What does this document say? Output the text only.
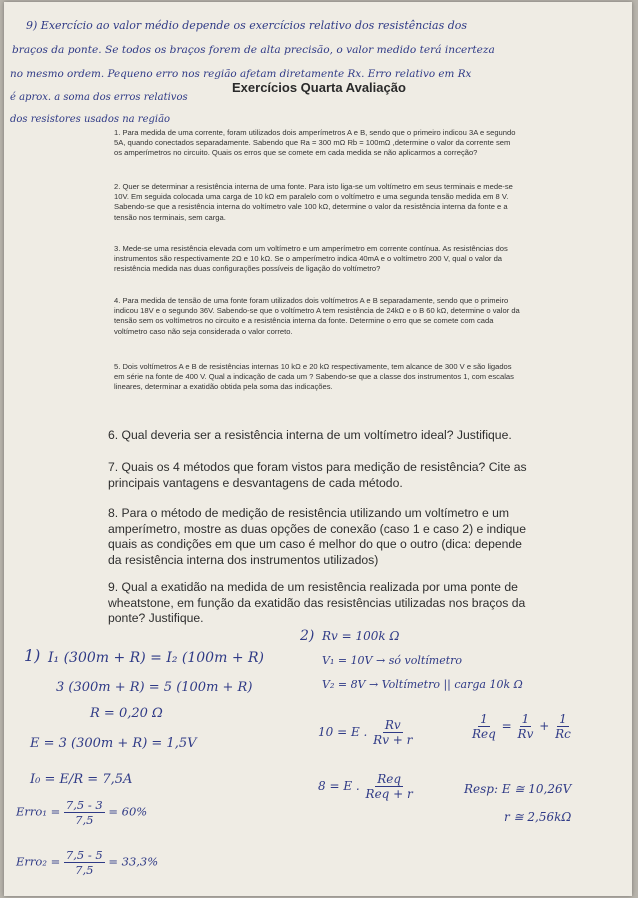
9) Exercício ao valor médio depende os exercícios relativo dos resistências dos
braços da ponte. Se todos os braços forem de alta precisão, o valor medido terá incerteza
no mesmo ordem. Pequeno erro nos região afetam diretamente Rx. Erro relativo em Rx
é aprox. a soma dos erros relativos
dos resistores usados na região
Exercícios Quarta Avaliação
1. Para medida de uma corrente, foram utilizados dois amperímetros A e B, sendo que o primeiro indicou 3A e segundo 5A, quando conectados separadamente. Sabendo que Ra = 300 mΩ Rb = 100mΩ ,determine o valor da corrente sem os amperímetros no circuito. Quais os erros que se comete em cada medida se não aplicarmos a correção?
2. Quer se determinar a resistência interna de uma fonte. Para isto liga-se um voltímetro em seus terminais e mede-se 10V. Em seguida colocada uma carga de 10 kΩ em paralelo com o voltímetro e uma segunda tensão medida em 8 V. Sabendo-se que a resistência interna do voltímetro vale 100 kΩ, determine o valor da resistência interna da fonte e a tensão nos terminais, sem carga.
3. Mede-se uma resistência elevada com um voltímetro e um amperímetro em corrente contínua. As resistências dos instrumentos são respectivamente 2Ω e 10 kΩ. Se o amperímetro indica 40mA e o voltímetro 200 V, qual o valor da resistência medida nas duas configurações possíveis de ligação do voltímetro?
4. Para medida de tensão de uma fonte foram utilizados dois voltímetros A e B separadamente, sendo que o primeiro indicou 18V e o segundo 36V. Sabendo-se que o voltímetro A tem resistência de 24kΩ e o B 60 kΩ, determine o valor da tensão sem os voltímetros no circuito e a resistência interna da fonte. Determine o erro que se comete com cada voltímetro caso não seja considerada o valor correto.
5. Dois voltímetros A e B de resistências internas 10 kΩ e 20 kΩ respectivamente, tem alcance de 300 V e são ligados em série na fonte de 400 V. Qual a indicação de cada um ? Sabendo-se que a classe dos instrumentos 1, com escalas lineares, determinar a exatidão obtida pela soma das indicações.
6. Qual deveria ser a resistência interna de um voltímetro ideal? Justifique.
7. Quais os 4 métodos que foram vistos para medição de resistência? Cite as principais vantagens e desvantagens de cada método.
8. Para o método de medição de resistência utilizando um voltímetro e um amperímetro, mostre as duas opções de conexão (caso 1 e caso 2) e indique quais as condições em que um caso é melhor do que o outro (dica: depende da resistência interna dos instrumentos utilizados)
9. Qual a exatidão na medida de um resistência realizada por uma ponte de wheatstone, em função da exatidão das resistências utilizadas nos braços da ponte? Justifique.
1) I₁ (300m + R) = I₂ (100m + R)
3 (300m + R) = 5 (100m + R)
R = 0,20 Ω
E = 3 (300m + R) = 1,5V
I₀ = E/R = 7,5A
Erro₁ = $\frac{7,5 - 3}{7,5} = 60\%$
Erro₂ = $\frac{7,5 - 5}{7,5} = 33,3\%$
2) Rv = 100k Ω
V₁ = 10V → só voltímetro
V₂ = 8V → Voltímetro || carga 10k Ω
10 = E . $\frac{Rv}{Rv + r}$	$\frac{1}{\text{Req}} = \frac{1}{Rv} + \frac{1}{Rc}$
8 = E . $\frac{\text{Req}}{\text{Req + r}}$	Resp: E ≅ 10,26V
r ≅ 2,56kΩ
